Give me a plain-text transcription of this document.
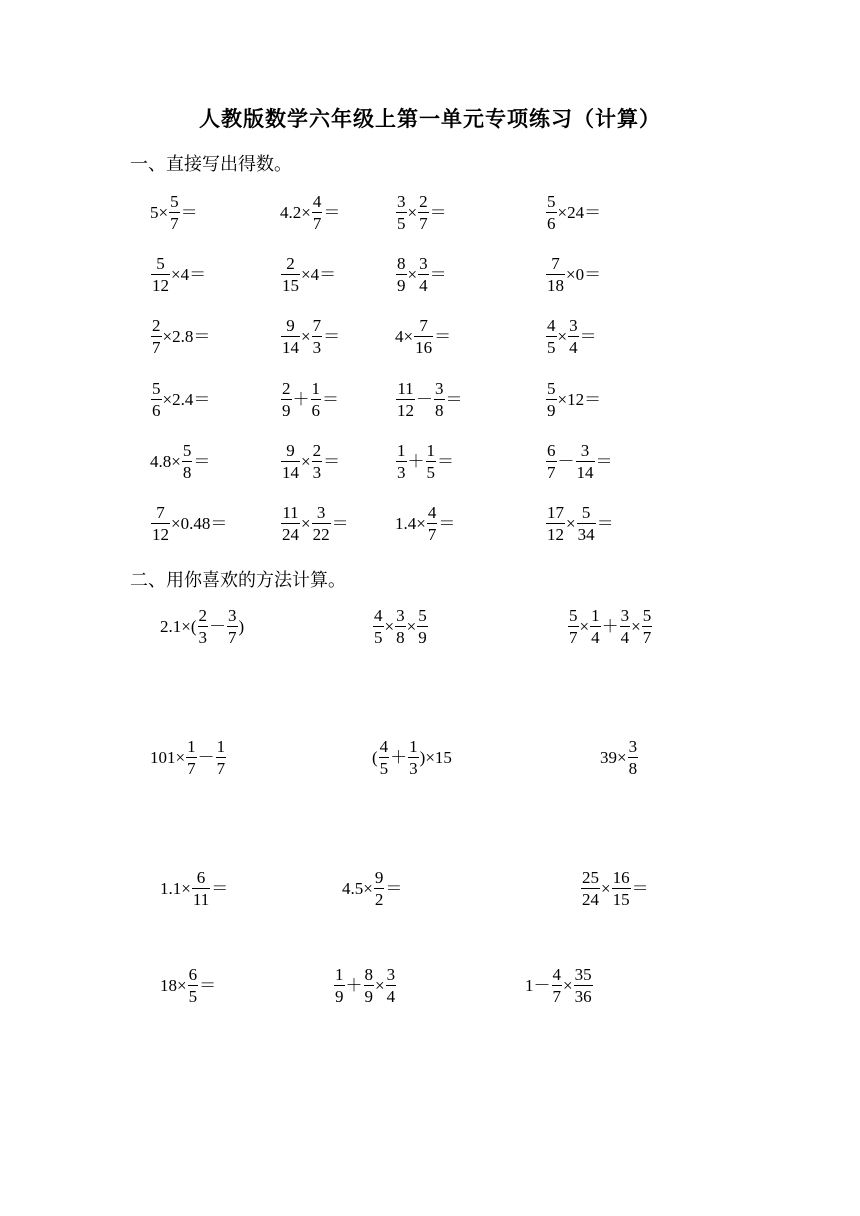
人教版数学六年级上第一单元专项练习（计算）
一、直接写出得数。
$5\times \frac{5}{7}$ ＝	$4.2\times \frac{4}{7}$ ＝	$\frac{3}{5} \times \frac{2}{7}$ ＝	$\frac{5}{6} \times 24=$
$\frac{5}{12} \times 4=$	$\frac{2}{15} \times 4=$	$\frac{8}{9} \times \frac{3}{4}$ ＝	$\frac{7}{18} \times 0=$
$\frac{2}{7} \times 2.8=$	$\frac{9}{14} \times \frac{7}{3}$ ＝	$4\times \frac{7}{16}$ ＝	$\frac{4}{5} \times \frac{3}{4}$ ＝
$\frac{5}{6} \times 2.4=$	$\frac{2}{9} + \frac{1}{6}$ ＝	$\frac{11}{12} - \frac{3}{8}$ ＝	$\frac{5}{9} \times 12=$
$4.8\times \frac{5}{8}$ ＝	$\frac{9}{14} \times \frac{2}{3}$ ＝	$\frac{1}{3} + \frac{1}{5}$ ＝	$\frac{6}{7} - \frac{3}{14}$ ＝
$\frac{7}{12} \times 0.48=$	$\frac{11}{24} \times \frac{3}{22}$ ＝	$1.4\times \frac{4}{7}$ ＝	$\frac{17}{12} \times \frac{5}{34}$ ＝
二、用你喜欢的方法计算。
$2.1\times( \frac{2}{3} - \frac{3}{7}$ )	$\frac{4}{5} \times \frac{3}{8} \times \frac{5}{9}$	$\frac{5}{7} \times \frac{1}{4} + \frac{3}{4} \times \frac{5}{7}$
$101\times \frac{1}{7} - \frac{1}{7}$	( $\frac{4}{5} + \frac{1}{3} )\times 15$	$39\times \frac{3}{8}$
$1.1\times \frac{6}{11}$ ＝	$4.5\times \frac{9}{2}$ ＝	$\frac{25}{24} \times \frac{16}{15}$ ＝
$18\times \frac{6}{5}$ ＝	$\frac{1}{9} + \frac{8}{9} \times \frac{3}{4}$	$1- \frac{4}{7} \times \frac{35}{36}$
